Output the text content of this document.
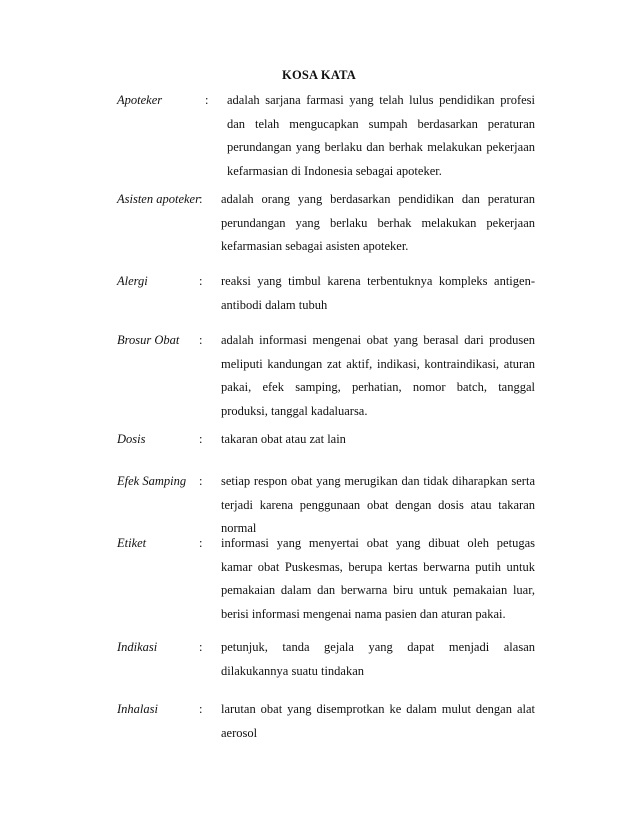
KOSA KATA
Apoteker	: adalah sarjana farmasi yang telah lulus pendidikan profesi dan telah mengucapkan sumpah berdasarkan peraturan perundangan yang berlaku dan berhak melakukan pekerjaan kefarmasian di Indonesia sebagai apoteker.
Asisten apoteker : adalah orang yang berdasarkan pendidikan dan peraturan perundangan yang berlaku berhak melakukan pekerjaan kefarmasian sebagai asisten apoteker.
Alergi	: reaksi yang timbul karena terbentuknya kompleks antigen-antibodi dalam tubuh
Brosur Obat : adalah informasi mengenai obat yang berasal dari produsen meliputi kandungan zat aktif, indikasi, kontraindikasi, aturan pakai, efek samping, perhatian, nomor batch, tanggal produksi, tanggal kadaluarsa.
Dosis	: takaran obat atau zat lain
Efek Samping : setiap respon obat yang merugikan dan tidak diharapkan serta terjadi karena penggunaan obat dengan dosis atau takaran normal
Etiket	: informasi yang menyertai obat yang dibuat oleh petugas kamar obat Puskesmas, berupa kertas berwarna putih untuk pemakaian dalam dan berwarna biru untuk pemakaian luar, berisi informasi mengenai nama pasien dan aturan pakai.
Indikasi	: petunjuk, tanda gejala yang dapat menjadi alasan dilakukannya suatu tindakan
Inhalasi	: larutan obat yang disemprotkan ke dalam mulut dengan alat aerosol
